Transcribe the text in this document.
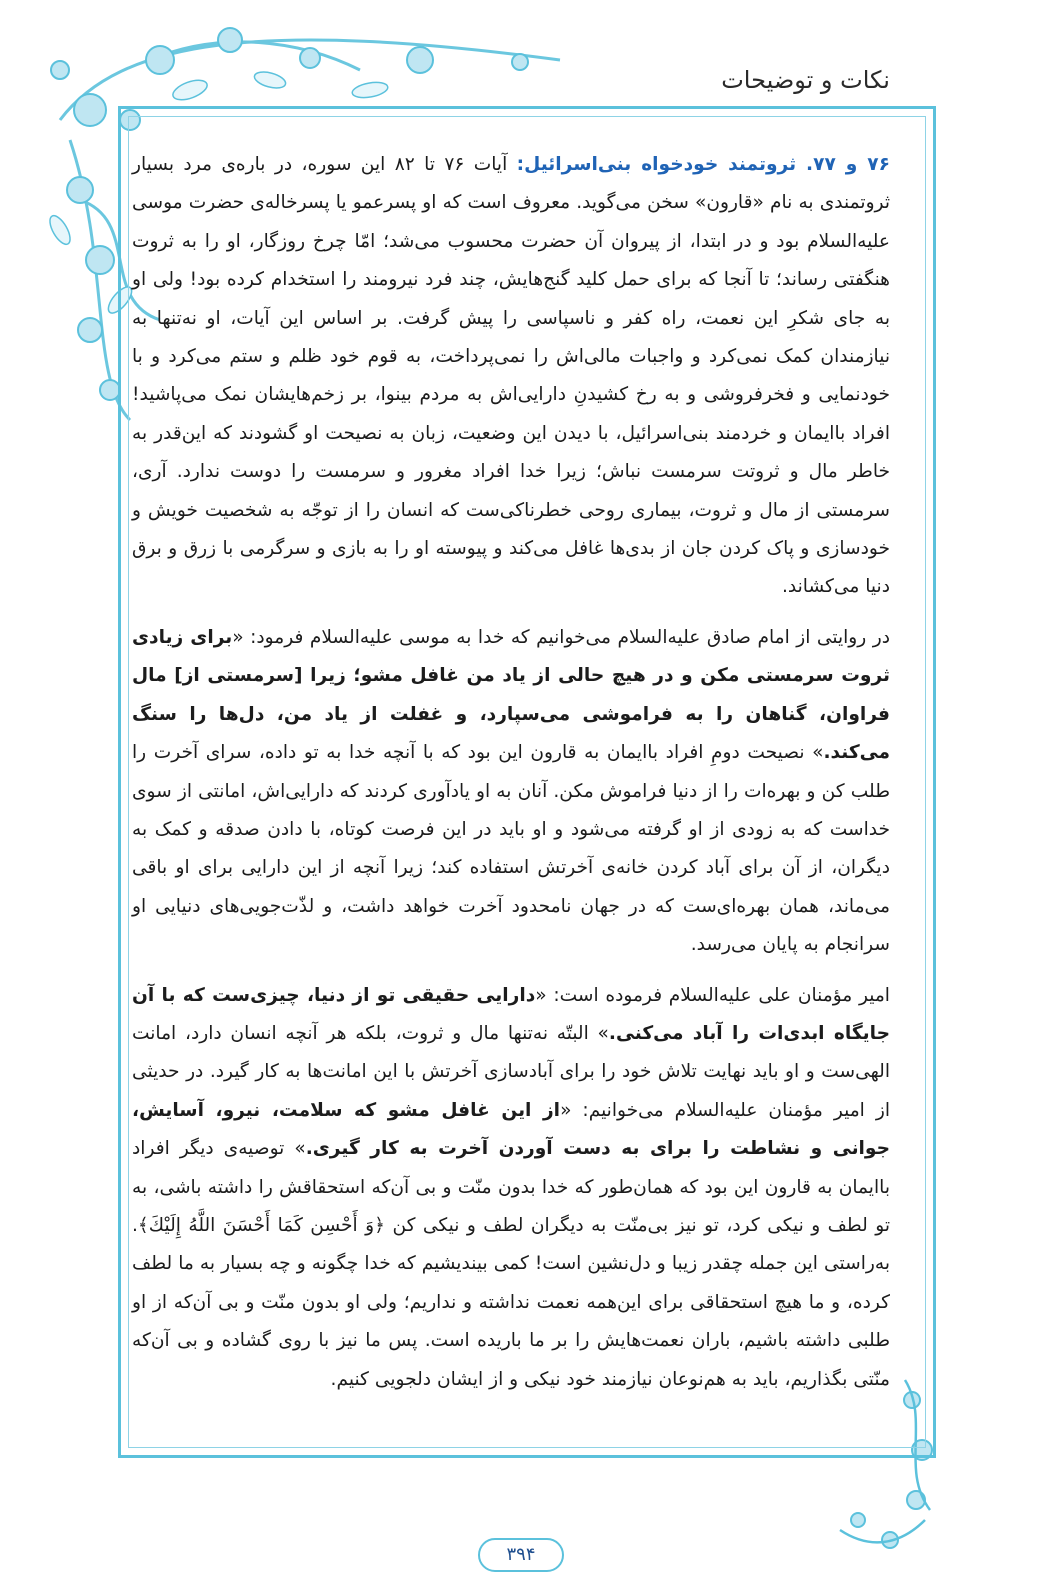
نکات و توضیحات

۷۶ و ۷۷. ثروتمند خودخواه بنی‌اسرائیل: آیات ۷۶ تا ۸۲ این سوره، در باره‌ی مرد بسیار ثروتمندی به نام «قارون» سخن می‌گوید. معروف است که او پسرعمو یا پسرخاله‌ی حضرت موسی علیه‌السلام بود و در ابتدا، از پیروان آن حضرت محسوب می‌شد؛ امّا چرخ روزگار، او را به ثروت هنگفتی رساند؛ تا آنجا که برای حمل کلید گنج‌هایش، چند فرد نیرومند را استخدام کرده بود! ولی او به جای شکرِ این نعمت، راه کفر و ناسپاسی را پیش گرفت. بر اساس این آیات، او نه‌تنها به نیازمندان کمک نمی‌کرد و واجبات مالی‌اش را نمی‌پرداخت، به قوم خود ظلم و ستم می‌کرد و با خودنمایی و فخرفروشی و به رخ کشیدنِ دارایی‌اش به مردم بینوا، بر زخم‌هایشان نمک می‌پاشید! افراد باایمان و خردمند بنی‌اسرائیل، با دیدن این وضعیت، زبان به نصیحت او گشودند که این‌قدر به خاطر مال و ثروتت سرمست نباش؛ زیرا خدا افراد مغرور و سرمست را دوست ندارد. آری، سرمستی از مال و ثروت، بیماری روحی خطرناکی‌ست که انسان را از توجّه به شخصیت خویش و خودسازی و پاک کردن جان از بدی‌ها غافل می‌کند و پیوسته او را به بازی و سرگرمی با زرق و برق دنیا می‌کشاند.

در روایتی از امام صادق علیه‌السلام می‌خوانیم که خدا به موسی علیه‌السلام فرمود: «برای زیادی ثروت سرمستی مکن و در هیچ حالی از یاد من غافل مشو؛ زیرا [سرمستی از] مال فراوان، گناهان را به فراموشی می‌سپارد، و غفلت از یاد من، دل‌ها را سنگ می‌کند.» نصیحت دومِ افراد باایمان به قارون این بود که با آنچه خدا به تو داده، سرای آخرت را طلب کن و بهره‌ات را از دنیا فراموش مکن. آنان به او یادآوری کردند که دارایی‌اش، امانتی از سوی خداست که به زودی از او گرفته می‌شود و او باید در این فرصت کوتاه، با دادن صدقه و کمک به دیگران، از آن برای آباد کردن خانه‌ی آخرتش استفاده کند؛ زیرا آنچه از این دارایی برای او باقی می‌ماند، همان بهره‌ای‌ست که در جهان نامحدود آخرت خواهد داشت، و لذّت‌جویی‌های دنیایی او سرانجام به پایان می‌رسد.

امیر مؤمنان علی علیه‌السلام فرموده است: «دارایی حقیقی تو از دنیا، چیزی‌ست که با آن جایگاه ابدی‌ات را آباد می‌کنی.» البتّه نه‌تنها مال و ثروت، بلکه هر آنچه انسان دارد، امانت الهی‌ست و او باید نهایت تلاش خود را برای آبادسازی آخرتش با این امانت‌ها به کار گیرد. در حدیثی از امیر مؤمنان علیه‌السلام می‌خوانیم: «از این غافل مشو که سلامت، نیرو، آسایش، جوانی و نشاطت را برای به دست آوردن آخرت به کار گیری.» توصیه‌ی دیگر افراد باایمان به قارون این بود که همان‌طور که خدا بدون منّت و بی آن‌که استحقاقش را داشته باشی، به تو لطف و نیکی کرد، تو نیز بی‌منّت به دیگران لطف و نیکی کن ﴿وَ أَحْسِن كَمَا أَحْسَنَ اللَّهُ إِلَيْكَ﴾. به‌راستی این جمله چقدر زیبا و دل‌نشین است! کمی بیندیشیم که خدا چگونه و چه بسیار به ما لطف کرده، و ما هیچ استحقاقی برای این‌همه نعمت نداشته و نداریم؛ ولی او بدون منّت و بی آن‌که از او طلبی داشته باشیم، باران نعمت‌هایش را بر ما باریده است. پس ما نیز با روی گشاده و بی آن‌که منّتی بگذاریم، باید به هم‌نوعان نیازمند خود نیکی و از ایشان دلجویی کنیم.

۳۹۴
